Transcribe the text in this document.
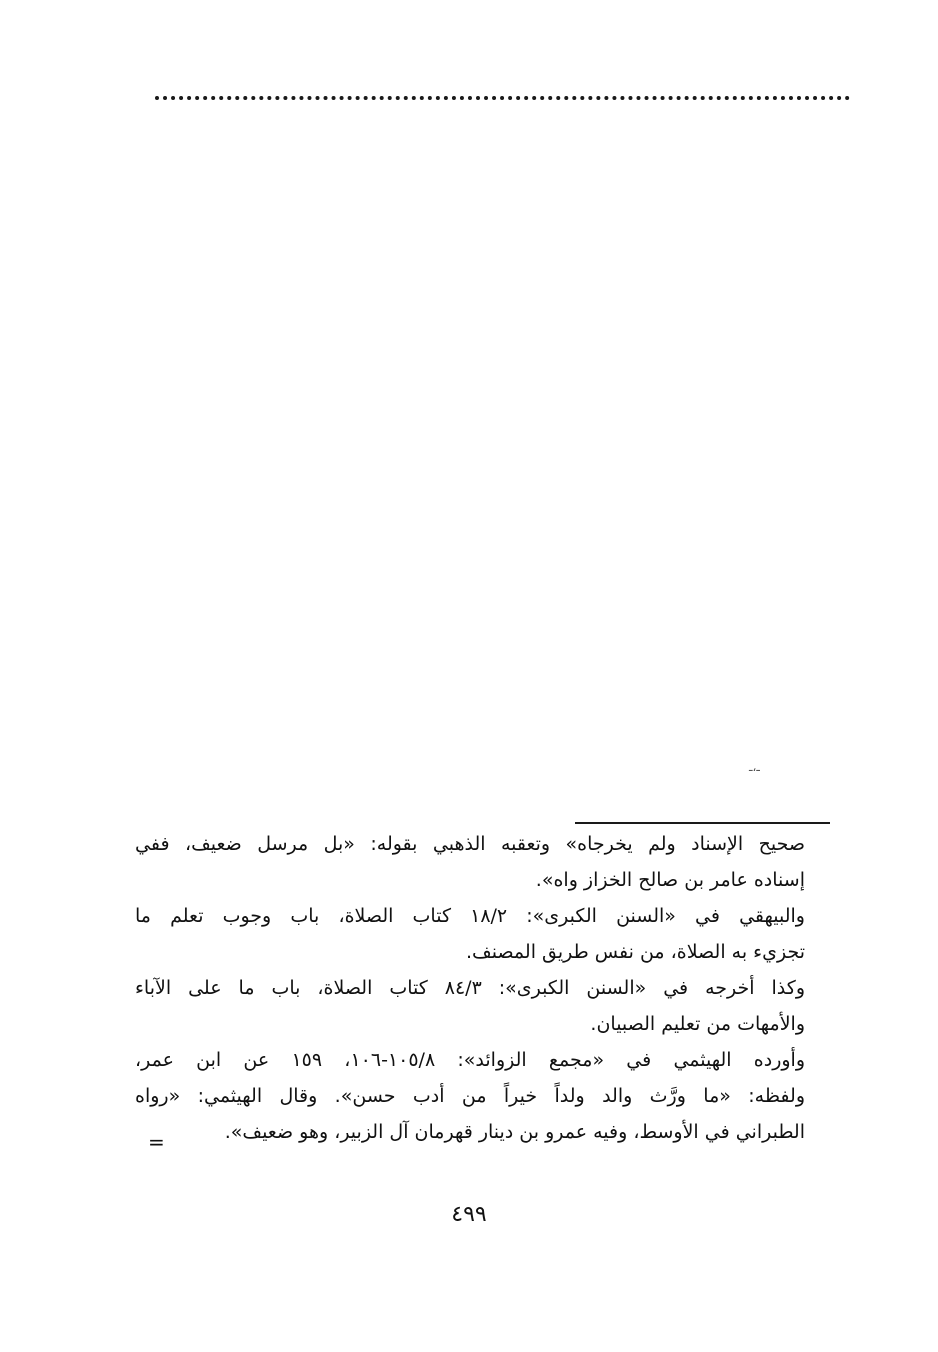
ـ،ـ
صحيح الإسناد ولم يخرجاه» وتعقبه الذهبي بقوله: «بل مرسل ضعيف، ففي
إسناده عامر بن صالح الخزاز واه».
والبيهقي في «السنن الكبرى»: ١٨/٢ كتاب الصلاة، باب وجوب تعلم ما
تجزيء به الصلاة، من نفس طريق المصنف.
وكذا أخرجه في «السنن الكبرى»: ٨٤/٣ كتاب الصلاة، باب ما على الآباء
والأمهات من تعليم الصبيان.
وأورده الهيثمي في «مجمع الزوائد»: ١٠٥/٨-١٠٦، ١٥٩ عن ابن عمر،
ولفظه: «ما ورَّث والد ولداً خيراً من أدب حسن». وقال الهيثمي: «رواه
الطبراني في الأوسط، وفيه عمرو بن دينار قهرمان آل الزبير، وهو ضعيف».
=
٤٩٩
